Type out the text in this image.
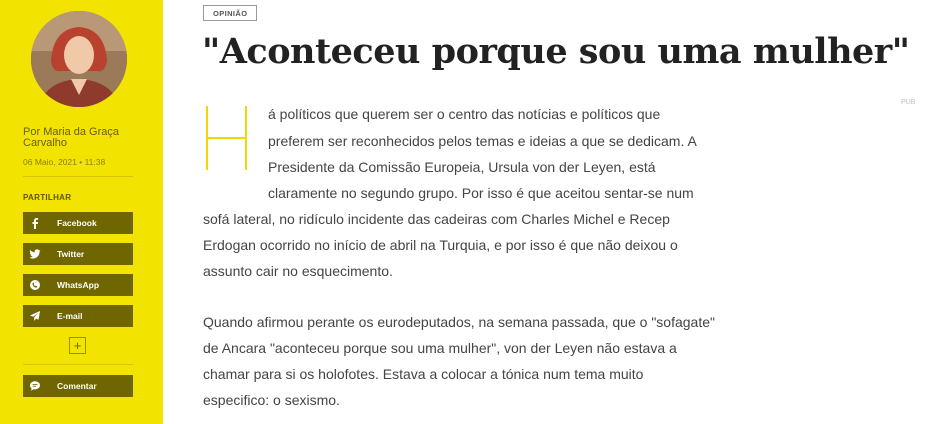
Por Maria da Graça
Carvalho
06 Maio, 2021 • 11:38
PARTILHAR
Facebook
Twitter
WhatsApp
E-mail
+
Comentar
OPINIÃO
"Aconteceu porque sou uma mulher"
PUB
á políticos que querem ser o centro das notícias e políticos que
preferem ser reconhecidos pelos temas e ideias a que se dedicam. A
Presidente da Comissão Europeia, Ursula von der Leyen, está
claramente no segundo grupo. Por isso é que aceitou sentar-se num
sofá lateral, no ridículo incidente das cadeiras com Charles Michel e Recep
Erdogan ocorrido no início de abril na Turquia, e por isso é que não deixou o
assunto cair no esquecimento.
Quando afirmou perante os eurodeputados, na semana passada, que o "sofagate"
de Ancara "aconteceu porque sou uma mulher", von der Leyen não estava a
chamar para si os holofotes. Estava a colocar a tónica num tema muito
especifico: o sexismo.
